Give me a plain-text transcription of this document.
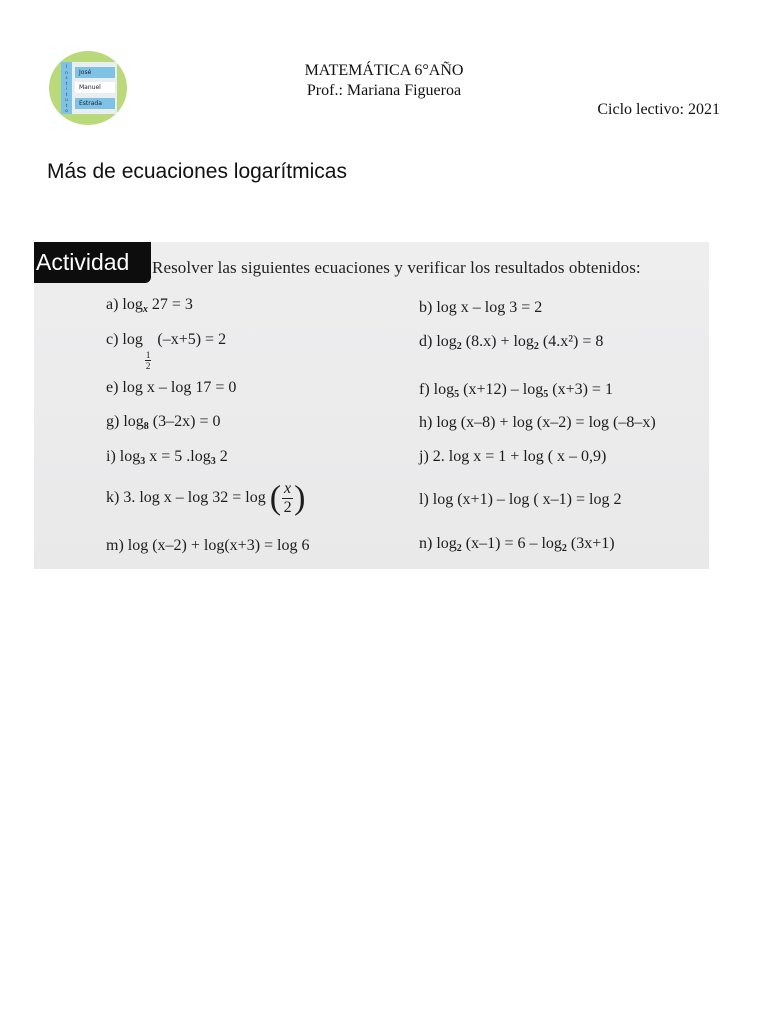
I
n
s
t
i
t
u
t
o
José
Manuel
Estrada
MATEMÁTICA 6°AÑO
Prof.: Mariana Figueroa
Ciclo lectivo: 2021
Más de ecuaciones logarítmicas
Actividad	Resolver las siguientes ecuaciones y verificar los resultados obtenidos:
a) $\log_x 27 = 3$	b) log x – log 3 = 2
c) log
$\frac{1}{2}$
(–x+5) = 2	d) $\log_2 (8.x) + \log_2 (4.x^2) = 8$
e) log x – log 17 = 0	f) $\log_5 (x+12) - \log_5 (x+3) = 1$
g) $\log_8 (3-2x) = 0$	h) log (x–8) + log (x–2) = log (–8–x)
i) $\log_3 x = 5$ $.\log_3$ 2	j) 2. log x = 1 + log ( x – 0,9)
k) 3. log x – log 32 = log ( $\frac{x}{2}$ )	l) log (x+1) – log ( x–1) = log 2
m) log (x–2) + log(x+3) = log 6	n) $\log_2 (x-1) = 6 - \log_2 (3x+1)$
